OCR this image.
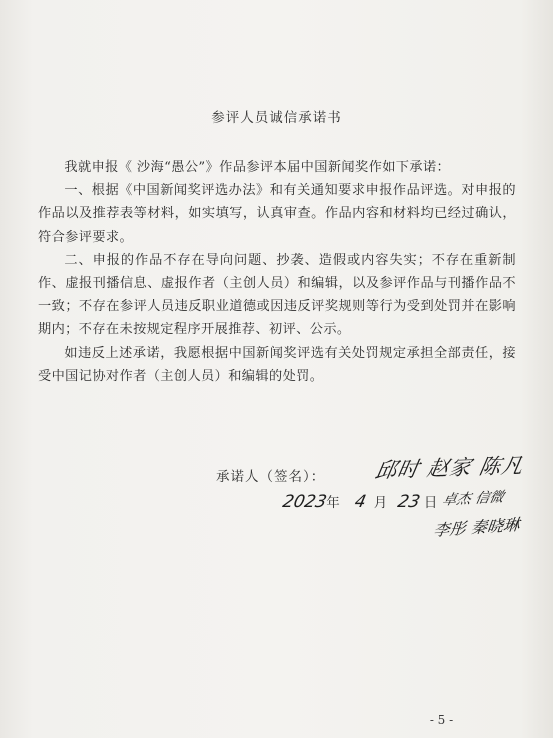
参评人员诚信承诺书

我就申报《 沙海“愚公”》作品参评本届中国新闻奖作如下承诺：

一、根据《中国新闻奖评选办法》和有关通知要求申报作品评选。对申报的作品以及推荐表等材料，如实填写，认真审查。作品内容和材料均已经过确认，符合参评要求。

二、申报的作品不存在导向问题、抄袭、造假或内容失实；不存在重新制作、虚报刊播信息、虚报作者（主创人员）和编辑，以及参评作品与刊播作品不一致；不存在参评人员违反职业道德或因违反评奖规则等行为受到处罚并在影响期内；不存在未按规定程序开展推荐、初评、公示。

如违反上述承诺，我愿根据中国新闻奖评选有关处罚规定承担全部责任，接受中国记协对作者（主创人员）和编辑的处罚。

承诺人（签名）： 邱时 赵家 陈凡
2023年 4 月 23 日 卓杰 信微
李彤 秦晓琳
- 5 -
